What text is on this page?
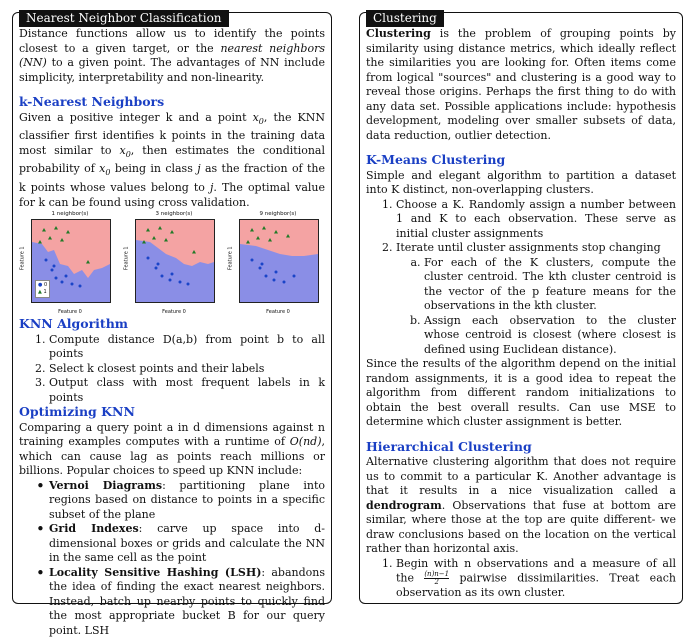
Nearest Neighbor Classification

Distance functions allow us to identify the points closest to a given target, or the nearest neighbors (NN) to a given point. The advantages of NN include simplicity, interpretability and non-linearity.

k-Nearest Neighbors

Given a positive integer k and a point $x_0$, the KNN classifier first identifies k points in the training data most similar to $x_0$, then estimates the conditional probability of $x_0$ being in class j as the fraction of the k points whose values belong to j. The optimal value for k can be found using cross validation.

1 neighbor(s)
Feature 1
● 0
▲ 1
Feature 0
3 neighbor(s)
Feature 1
Feature 0
9 neighbor(s)
Feature 1
Feature 0
KNN Algorithm
1. Compute distance D(a,b) from point b to all points
2. Select k closest points and their labels
3. Output class with most frequent labels in k points
Optimizing KNN

Comparing a query point a in d dimensions against n training examples computes with a runtime of O(nd), which can cause lag as points reach millions or billions. Popular choices to speed up KNN include:

• Vernoi Diagrams: partitioning plane into regions based on distance to points in a specific subset of the plane
• Grid Indexes: carve up space into d-dimensional boxes or grids and calculate the NN in the same cell as the point
• Locality Sensitive Hashing (LSH): abandons the idea of finding the exact nearest neighbors. Instead, batch up nearby points to quickly find the most appropriate bucket B for our query point. LSH
Clustering

Clustering is the problem of grouping points by similarity using distance metrics, which ideally reflect the similarities you are looking for. Often items come from logical "sources" and clustering is a good way to reveal those origins. Perhaps the first thing to do with any data set. Possible applications include: hypothesis development, modeling over smaller subsets of data, data reduction, outlier detection.

K-Means Clustering

Simple and elegant algorithm to partition a dataset into K distinct, non-overlapping clusters.

1. Choose a K. Randomly assign a number between 1 and K to each observation. These serve as initial cluster assignments
2. Iterate until cluster assignments stop changing
a. For each of the K clusters, compute the cluster centroid. The kth cluster centroid is the vector of the p feature means for the observations in the kth cluster.
b. Assign each observation to the cluster whose centroid is closest (where closest is defined using Euclidean distance).

Since the results of the algorithm depend on the initial random assignments, it is a good idea to repeat the algorithm from different random initializations to obtain the best overall results. Can use MSE to determine which cluster assignment is better.

Hierarchical Clustering

Alternative clustering algorithm that does not require us to commit to a particular K. Another advantage is that it results in a nice visualization called a dendrogram. Observations that fuse at bottom are similar, where those at the top are quite different- we draw conclusions based on the location on the vertical rather than horizontal axis.

1. Begin with n observations and a measure of all the $\frac{(n)n-1}{2}$ pairwise dissimilarities. Treat each observation as its own cluster.
